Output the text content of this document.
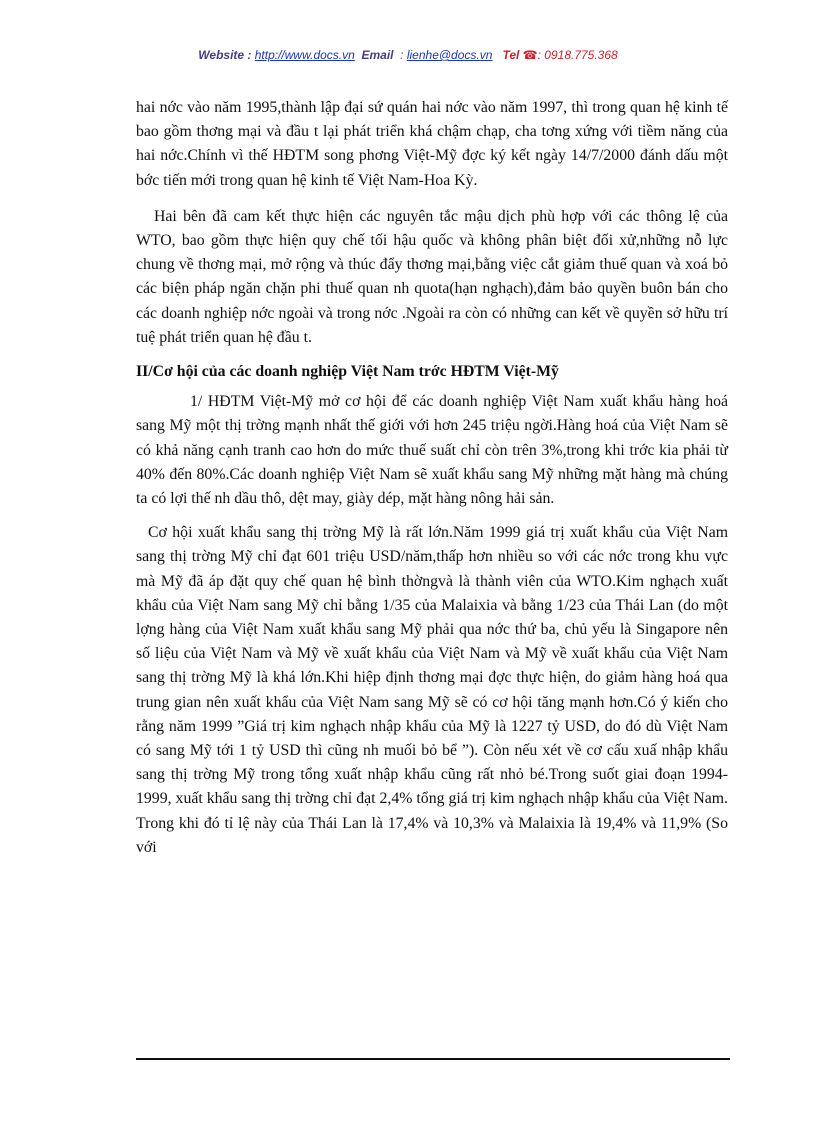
Website : http://www.docs.vn Email : lienhe@docs.vn Tel ☎: 0918.775.368

hai nớc vào năm 1995,thành lập đại sứ quán hai nớc vào năm 1997, thì trong quan hệ kinh tế bao gồm thơng mại và đầu t lại phát triển khá chậm chạp, cha tơng xứng với tiềm năng của hai nớc.Chính vì thế HĐTM song phơng Việt-Mỹ đợc ký kết ngày 14/7/2000 đánh dấu một bớc tiến mới trong quan hệ kinh tế Việt Nam-Hoa Kỳ.

Hai bên đã cam kết thực hiện các nguyên tắc mậu dịch phù hợp với các thông lệ của WTO, bao gồm thực hiện quy chế tối hậu quốc và không phân biệt đối xử,những nỗ lực chung về thơng mại, mở rộng và thúc đẩy thơng mại,bằng việc cắt giảm thuế quan và xoá bỏ các biện pháp ngăn chặn phi thuế quan nh quota(hạn nghạch),đảm bảo quyền buôn bán cho các doanh nghiệp nớc ngoài và trong nớc .Ngoài ra còn có những can kết về quyền sở hữu trí tuệ phát triển quan hệ đầu t.

II/Cơ hội của các doanh nghiệp Việt Nam trớc HĐTM Việt-Mỹ

1/ HĐTM Việt-Mỹ mở cơ hội để các doanh nghiệp Việt Nam xuất khẩu hàng hoá sang Mỹ một thị trờng mạnh nhất thế giới với hơn 245 triệu ngời.Hàng hoá của Việt Nam sẽ có khả năng cạnh tranh cao hơn do mức thuế suất chỉ còn trên 3%,trong khi trớc kia phải từ 40% đến 80%.Các doanh nghiệp Việt Nam sẽ xuất khẩu sang Mỹ những mặt hàng mà chúng ta có lợi thế nh dầu thô, dệt may, giày dép, mặt hàng nông hải sản.

Cơ hội xuất khẩu sang thị trờng Mỹ là rất lớn.Năm 1999 giá trị xuất khẩu của Việt Nam sang thị trờng Mỹ chỉ đạt 601 triệu USD/năm,thấp hơn nhiều so với các nớc trong khu vực mà Mỹ đã áp đặt quy chế quan hệ bình thờngvà là thành viên của WTO.Kim nghạch xuất khẩu của Việt Nam sang Mỹ chỉ bằng 1/35 của Malaixia và bằng 1/23 của Thái Lan (do một lợng hàng của Việt Nam xuất khẩu sang Mỹ phải qua nớc thứ ba, chủ yếu là Singapore nên số liệu của Việt Nam và Mỹ về xuất khẩu của Việt Nam và Mỹ về xuất khẩu của Việt Nam sang thị trờng Mỹ là khá lớn.Khi hiệp định thơng mại đợc thực hiện, do giảm hàng hoá qua trung gian nên xuất khẩu của Việt Nam sang Mỹ sẽ có cơ hội tăng mạnh hơn.Có ý kiến cho rằng năm 1999 ”Giá trị kim nghạch nhập khẩu của Mỹ là 1227 tỷ USD, do đó dù Việt Nam có sang Mỹ tới 1 tỷ USD thì cũng nh muối bỏ bể ”). Còn nếu xét về cơ cấu xuấ nhập khẩu sang thị trờng Mỹ trong tổng xuất nhập khẩu cũng rất nhỏ bé.Trong suốt giai đoạn 1994-1999, xuất khẩu sang thị trờng chỉ đạt 2,4% tổng giá trị kim nghạch nhập khẩu của Việt Nam. Trong khi đó tỉ lệ này của Thái Lan là 17,4% và 10,3% và Malaixia là 19,4% và 11,9% (So với
